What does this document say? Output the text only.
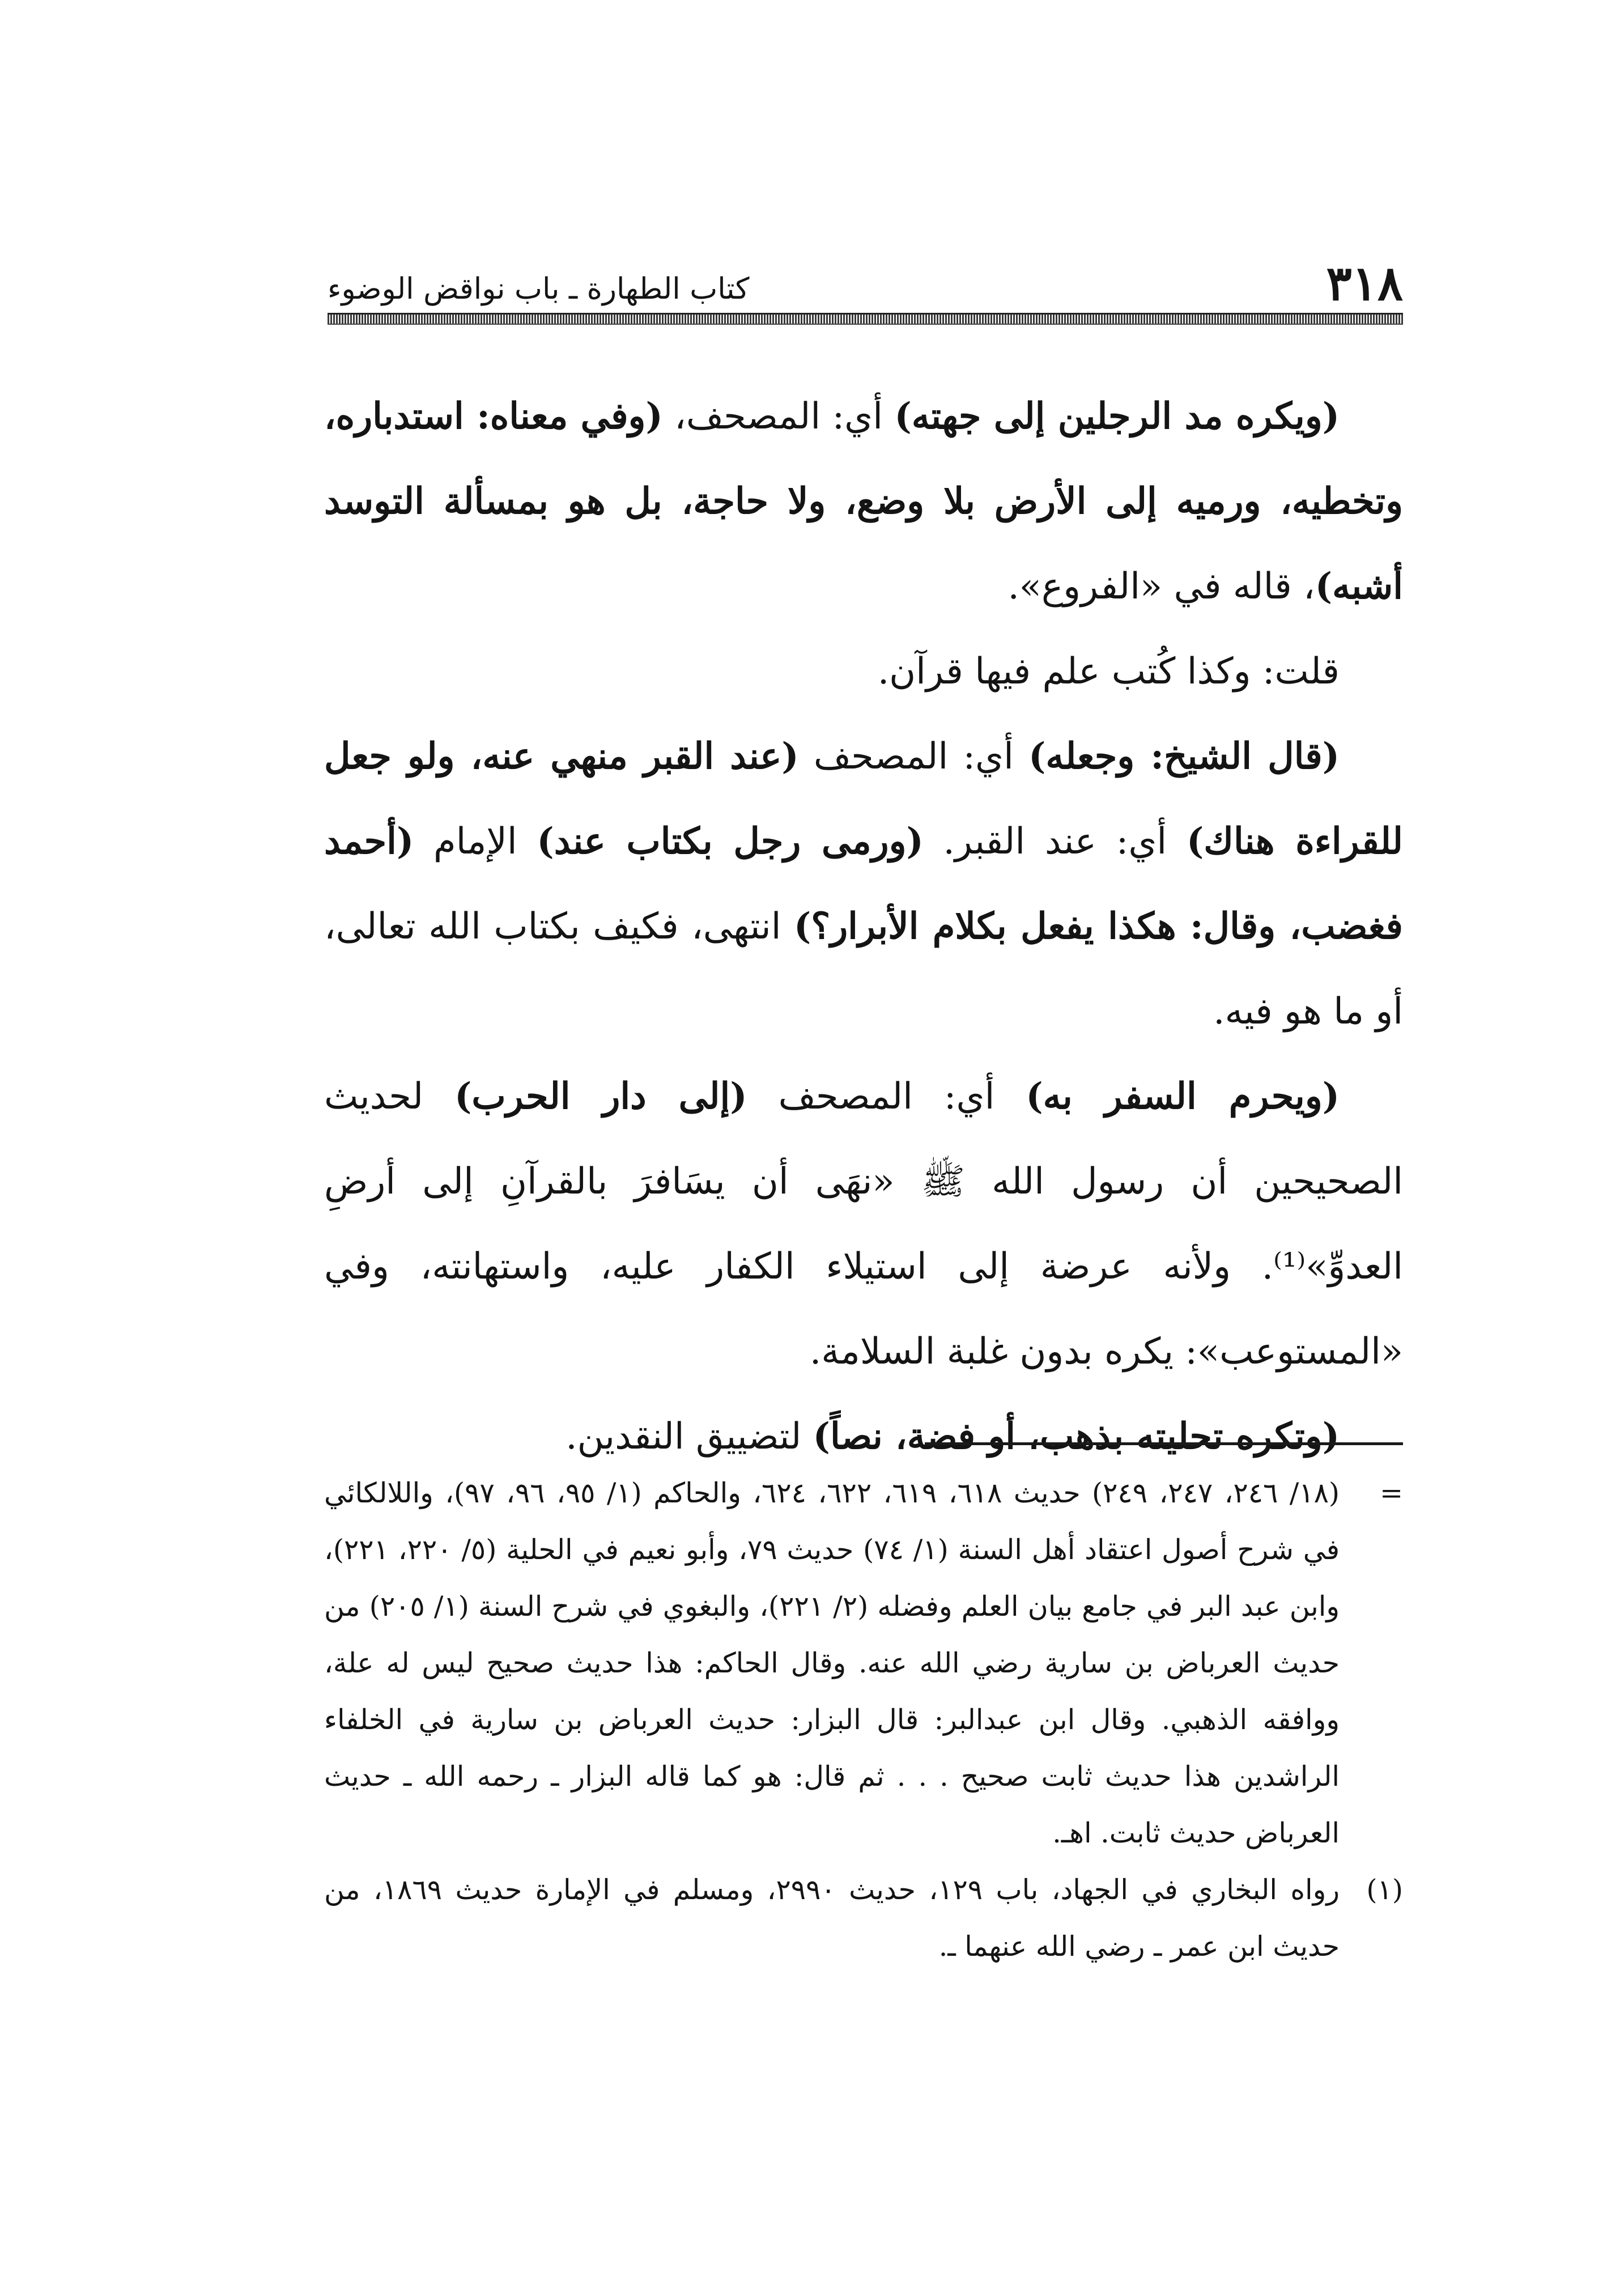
٣١٨
كتاب الطهارة ـ باب نواقض الوضوء

(ويكره مد الرجلين إلى جهته) أي: المصحف، (وفي معناه: استدباره، وتخطيه، ورميه إلى الأرض بلا وضع، ولا حاجة، بل هو بمسألة التوسد أشبه)، قاله في «الفروع».

قلت: وكذا كُتب علم فيها قرآن.

(قال الشيخ: وجعله) أي: المصحف (عند القبر منهي عنه، ولو جعل للقراءة هناك) أي: عند القبر. (ورمى رجل بكتاب عند) الإمام (أحمد فغضب، وقال: هكذا يفعل بكلام الأبرار؟) انتهى، فكيف بكتاب الله تعالى، أو ما هو فيه.

(ويحرم السفر به) أي: المصحف (إلى دار الحرب) لحديث الصحيحين أن رسول الله ﷺ «نهَى أن يسَافرَ بالقرآنِ إلى أرضِ العدوِّ»⁽¹⁾. ولأنه عرضة إلى استيلاء الكفار عليه، واستهانته، وفي «المستوعب»: يكره بدون غلبة السلامة.

(وتكره تحليته بذهب، أو فضة، نصاً) لتضييق النقدين.

=
(١٨/ ٢٤٦، ٢٤٧، ٢٤٩) حديث ٦١٨، ٦١٩، ٦٢٢، ٦٢٤، والحاكم (١/ ٩٥، ٩٦، ٩٧)، واللالكائي في شرح أصول اعتقاد أهل السنة (١/ ٧٤) حديث ٧٩، وأبو نعيم في الحلية (٥/ ٢٢٠، ٢٢١)، وابن عبد البر في جامع بيان العلم وفضله (٢/ ٢٢١)، والبغوي في شرح السنة (١/ ٢٠٥) من حديث العرباض بن سارية رضي الله عنه. وقال الحاكم: هذا حديث صحيح ليس له علة، ووافقه الذهبي. وقال ابن عبدالبر: قال البزار: حديث العرباض بن سارية في الخلفاء الراشدين هذا حديث ثابت صحيح . . . ثم قال: هو كما قاله البزار ـ رحمه الله ـ حديث العرباض حديث ثابت. اهـ.

(١)
رواه البخاري في الجهاد، باب ١٢٩، حديث ٢٩٩٠، ومسلم في الإمارة حديث ١٨٦٩، من حديث ابن عمر ـ رضي الله عنهما ـ.
